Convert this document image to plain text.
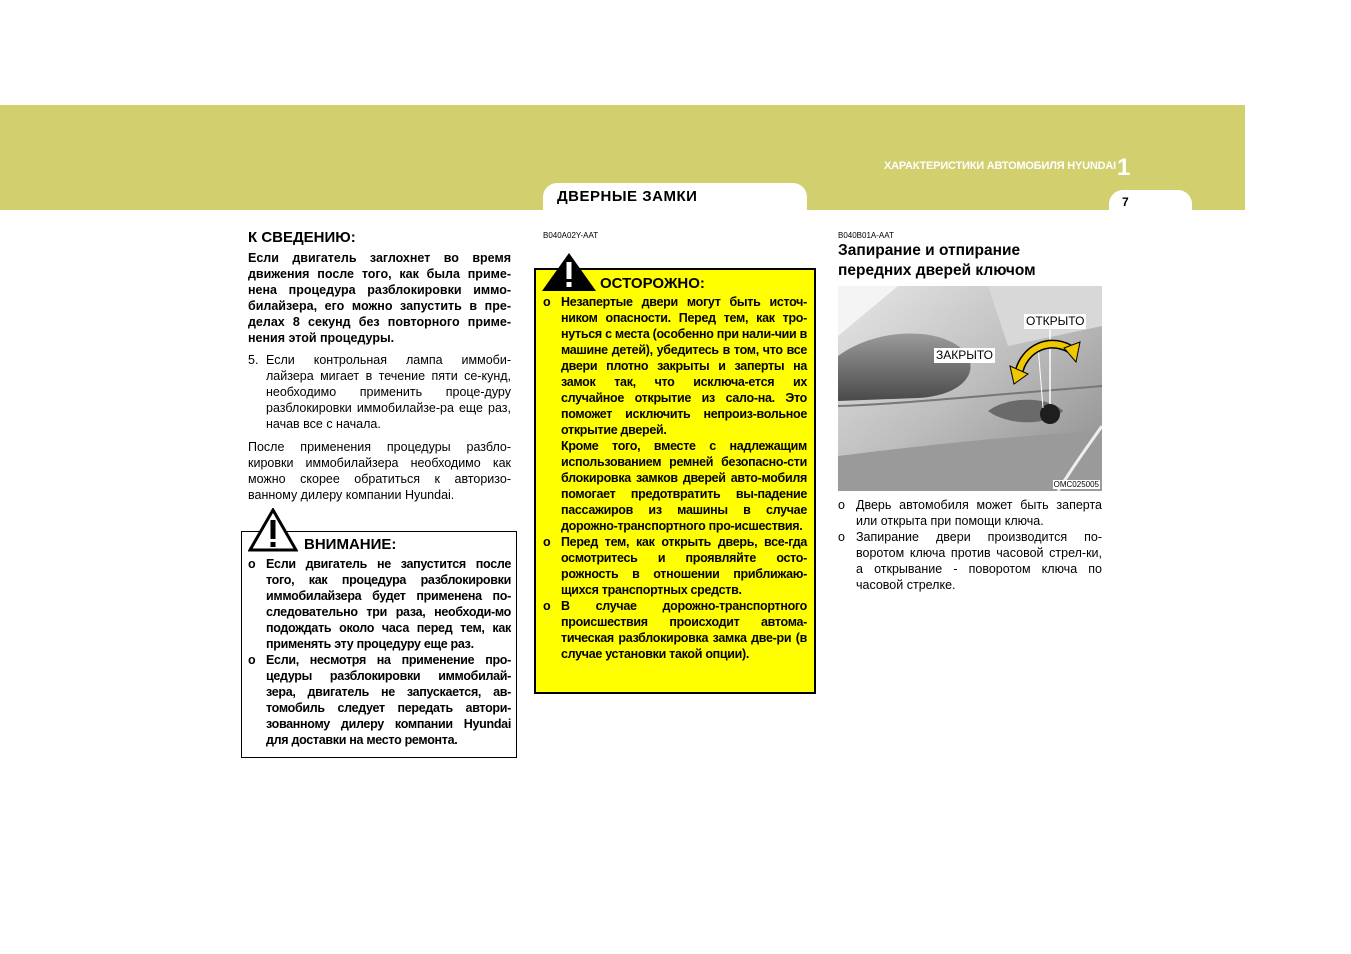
ХАРАКТЕРИСТИКИ АВТОМОБИЛЯ HYUNDAI 1
ДВЕРНЫЕ ЗАМКИ	7
К СВЕДЕНИЮ:
Если двигатель заглохнет во время движения после того, как была приме-нена процедура разблокировки иммо-билайзера, его можно запустить в пре-делах 8 секунд без повторного приме-нения этой процедуры.
5. Если контрольная лампа иммоби-лайзера мигает в течение пяти се-кунд, необходимо применить проце-дуру разблокировки иммобилайзе-ра еще раз, начав все с начала.
После применения процедуры разбло-кировки иммобилайзера необходимо как можно скорее обратиться к авторизо-ванному дилеру компании Hyundai.
ВНИМАНИЕ:
o Если двигатель не запустится после того, как процедура разблокировки иммобилайзера будет применена по-следовательно три раза, необходи-мо подождать около часа перед тем, как применять эту процедуру еще раз.
o Если, несмотря на применение про-цедуры разблокировки иммобилай-зера, двигатель не запускается, ав-томобиль следует передать автори-зованному дилеру компании Hyundai для доставки на место ремонта.
B040A02Y-AAT
ОСТОРОЖНО:
o Незапертые двери могут быть источ-ником опасности. Перед тем, как тро-нуться с места (особенно при нали-чии в машине детей), убедитесь в том, что все двери плотно закрыты и заперты на замок так, что исключа-ется их случайное открытие из сало-на. Это поможет исключить непроиз-вольное открытие дверей.
Кроме того, вместе с надлежащим использованием ремней безопасно-сти блокировка замков дверей авто-мобиля помогает предотвратить вы-падение пассажиров из машины в случае дорожно-транспортного про-исшествия.
o Перед тем, как открыть дверь, все-гда осмотритесь и проявляйте осто-рожность в отношении приближаю-щихся транспортных средств.
o В случае дорожно-транспортного происшествия происходит автома-тическая разблокировка замка две-ри (в случае установки такой опции).
B040B01A-AAT
Запирание и отпирание
передних дверей ключом
ОТКРЫТО
ЗАКРЫТО
OMC025005
o Дверь автомобиля может быть заперта или открыта при помощи ключа.
o Запирание двери производится по-воротом ключа против часовой стрел-ки, а открывание - поворотом ключа по часовой стрелке.
